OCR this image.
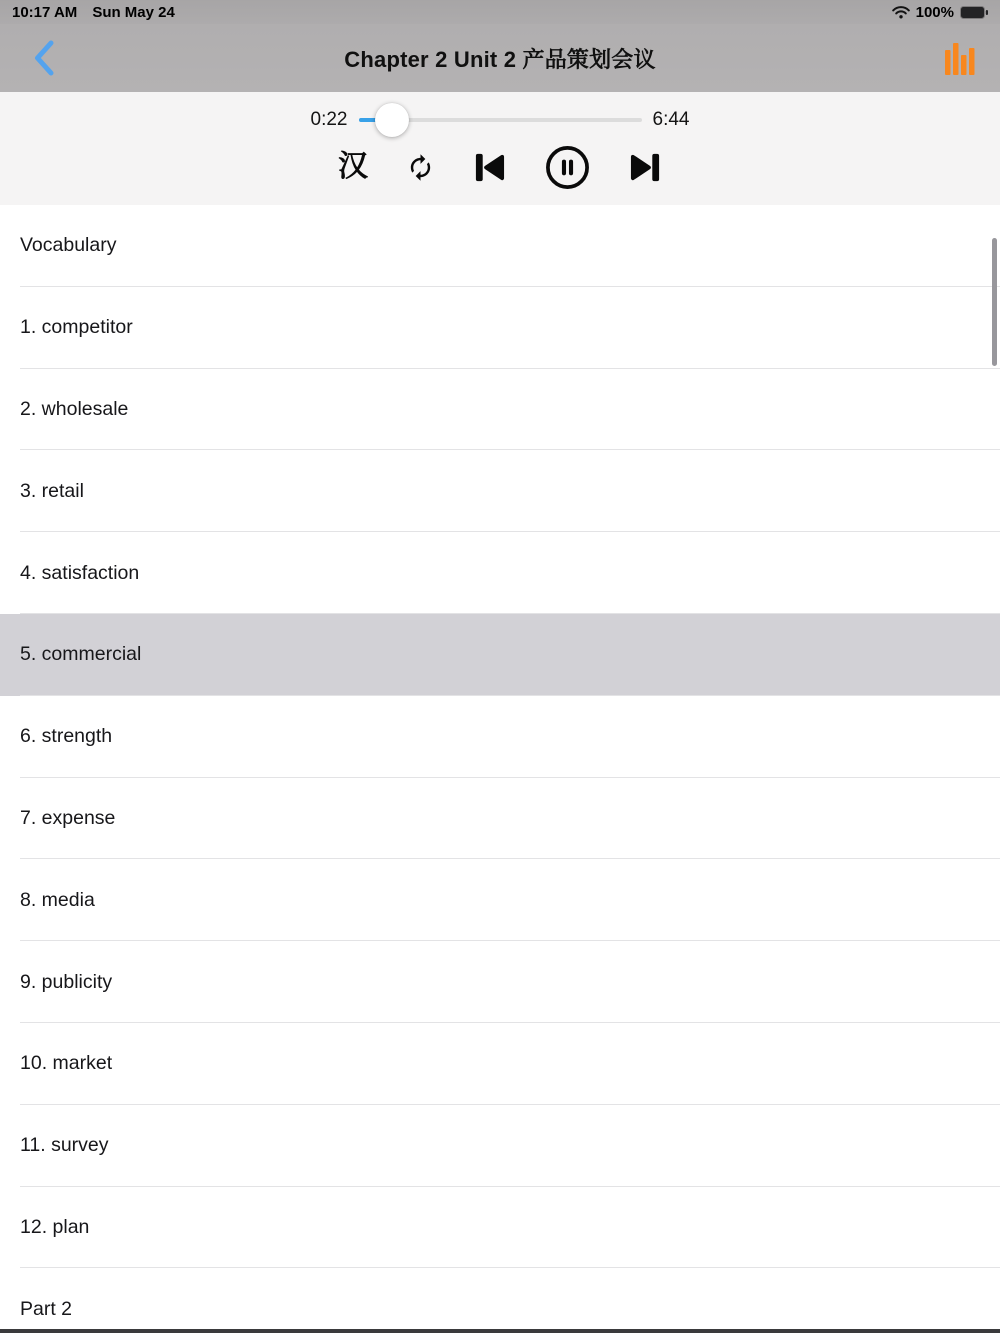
10:17 AM Sun May 24	100%
Chapter 2 Unit 2 产品策划会议
0:22	6:44
汉
Vocabulary
1. competitor
2. wholesale
3. retail
4. satisfaction
5. commercial
6. strength
7. expense
8. media
9. publicity
10. market
11. survey
12. plan
Part 2
